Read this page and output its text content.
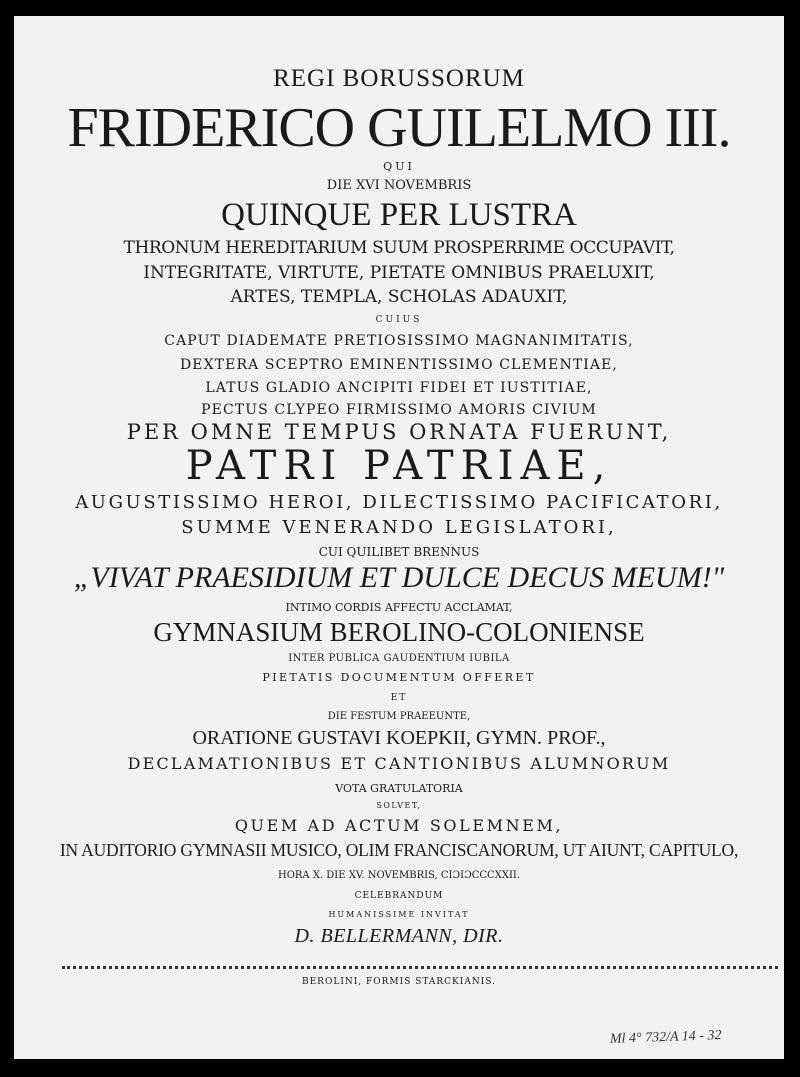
REGI BORUSSORUM
FRIDERICO GUILELMO III.
QUI
DIE XVI NOVEMBRIS
QUINQUE PER LUSTRA
THRONUM HEREDITARIUM SUUM PROSPERRIME OCCUPAVIT,
INTEGRITATE, VIRTUTE, PIETATE OMNIBUS PRAELUXIT,
ARTES, TEMPLA, SCHOLAS ADAUXIT,
CUIUS
CAPUT DIADEMATE PRETIOSISSIMO MAGNANIMITATIS,
DEXTERA SCEPTRO EMINENTISSIMO CLEMENTIAE,
LATUS GLADIO ANCIPITI FIDEI ET IUSTITIAE,
PECTUS CLYPEO FIRMISSIMO AMORIS CIVIUM
PER OMNE TEMPUS ORNATA FUERUNT,
PATRI PATRIAE,
AUGUSTISSIMO HEROI, DILECTISSIMO PACIFICATORI,
SUMME VENERANDO LEGISLATORI,
CUI QUILIBET BRENNUS
„VIVAT PRAESIDIUM ET DULCE DECUS MEUM!"
INTIMO CORDIS AFFECTU ACCLAMAT,
GYMNASIUM BEROLINO-COLONIENSE
INTER PUBLICA GAUDENTIUM IUBILA
PIETATIS DOCUMENTUM OFFERET
ET
DIE FESTUM PRAEEUNTE,
ORATIONE GUSTAVI KOEPKII, GYMN. PROF.,
DECLAMATIONIBUS ET CANTIONIBUS ALUMNORUM
VOTA GRATULATORIA
SOLVET,
QUEM AD ACTUM SOLEMNEM,
IN AUDITORIO GYMNASII MUSICO, OLIM FRANCISCANORUM, UT AIUNT, CAPITULO,
HORA X. DIE XV. NOVEMBRIS, CIƆIƆCCCXXII.
CELEBRANDUM
HUMANISSIME INVITAT
D. BELLERMANN, DIR.
BEROLINI, FORMIS STARCKIANIS.
Ml 4° 732/A 14 - 32
